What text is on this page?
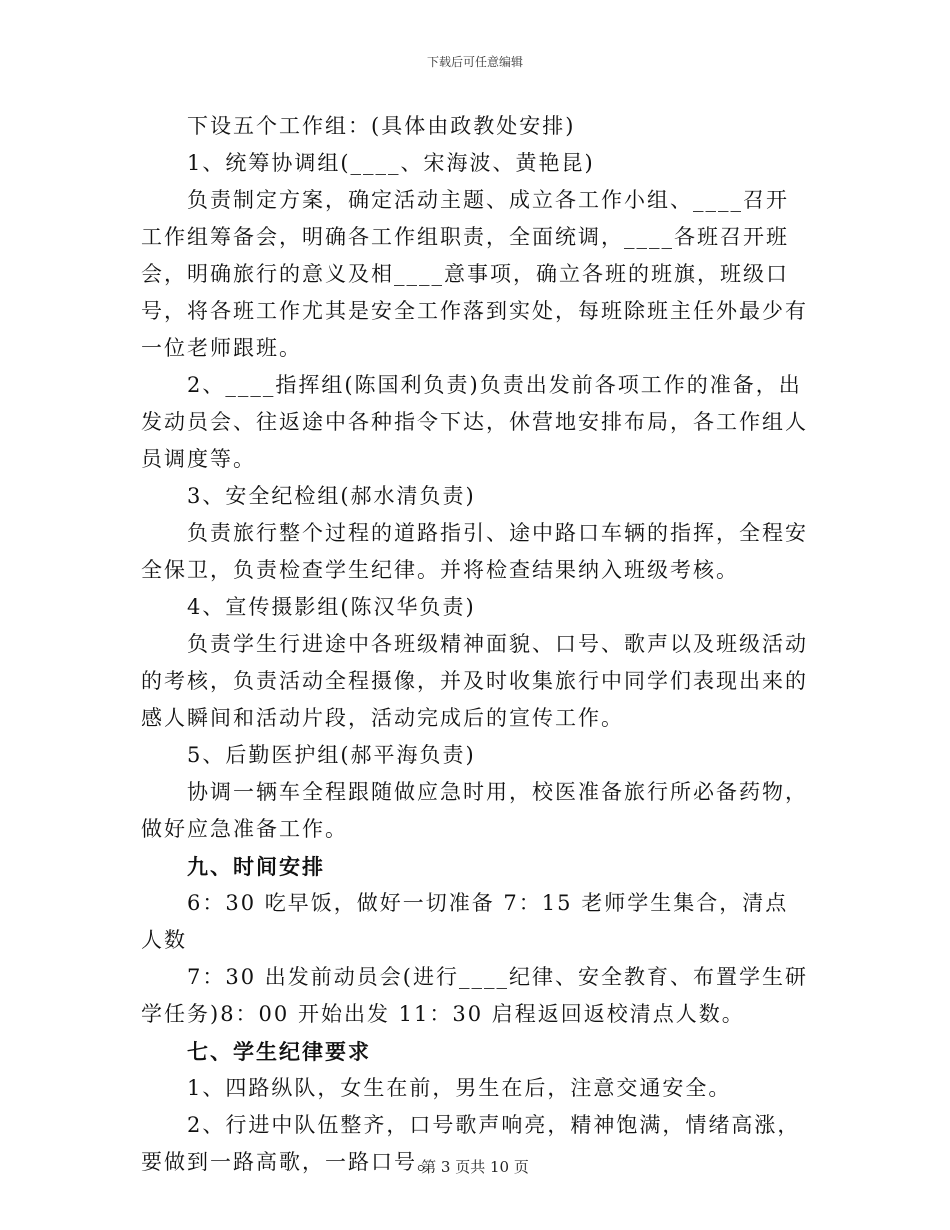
下载后可任意编辑

下设五个工作组：(具体由政教处安排)

1、统筹协调组(____、宋海波、黄艳昆)

负责制定方案，确定活动主题、成立各工作小组、____召开工作组筹备会，明确各工作组职责，全面统调，____各班召开班会，明确旅行的意义及相____意事项，确立各班的班旗，班级口号，将各班工作尤其是安全工作落到实处，每班除班主任外最少有一位老师跟班。

2、____指挥组(陈国利负责)负责出发前各项工作的准备，出发动员会、往返途中各种指令下达，休营地安排布局，各工作组人员调度等。

3、安全纪检组(郝水清负责)

负责旅行整个过程的道路指引、途中路口车辆的指挥，全程安全保卫，负责检查学生纪律。并将检查结果纳入班级考核。

4、宣传摄影组(陈汉华负责)

负责学生行进途中各班级精神面貌、口号、歌声以及班级活动的考核，负责活动全程摄像，并及时收集旅行中同学们表现出来的感人瞬间和活动片段，活动完成后的宣传工作。

5、后勤医护组(郝平海负责)

协调一辆车全程跟随做应急时用，校医准备旅行所必备药物，做好应急准备工作。

九、时间安排

6：30 吃早饭，做好一切准备 7：15 老师学生集合，清点人数

7：30 出发前动员会(进行____纪律、安全教育、布置学生研学任务)8：00 开始出发 11：30 启程返回返校清点人数。

七、学生纪律要求

1、四路纵队，女生在前，男生在后，注意交通安全。

2、行进中队伍整齐，口号歌声响亮，精神饱满，情绪高涨，要做到一路高歌，一路口号。

第 3 页共 10 页
